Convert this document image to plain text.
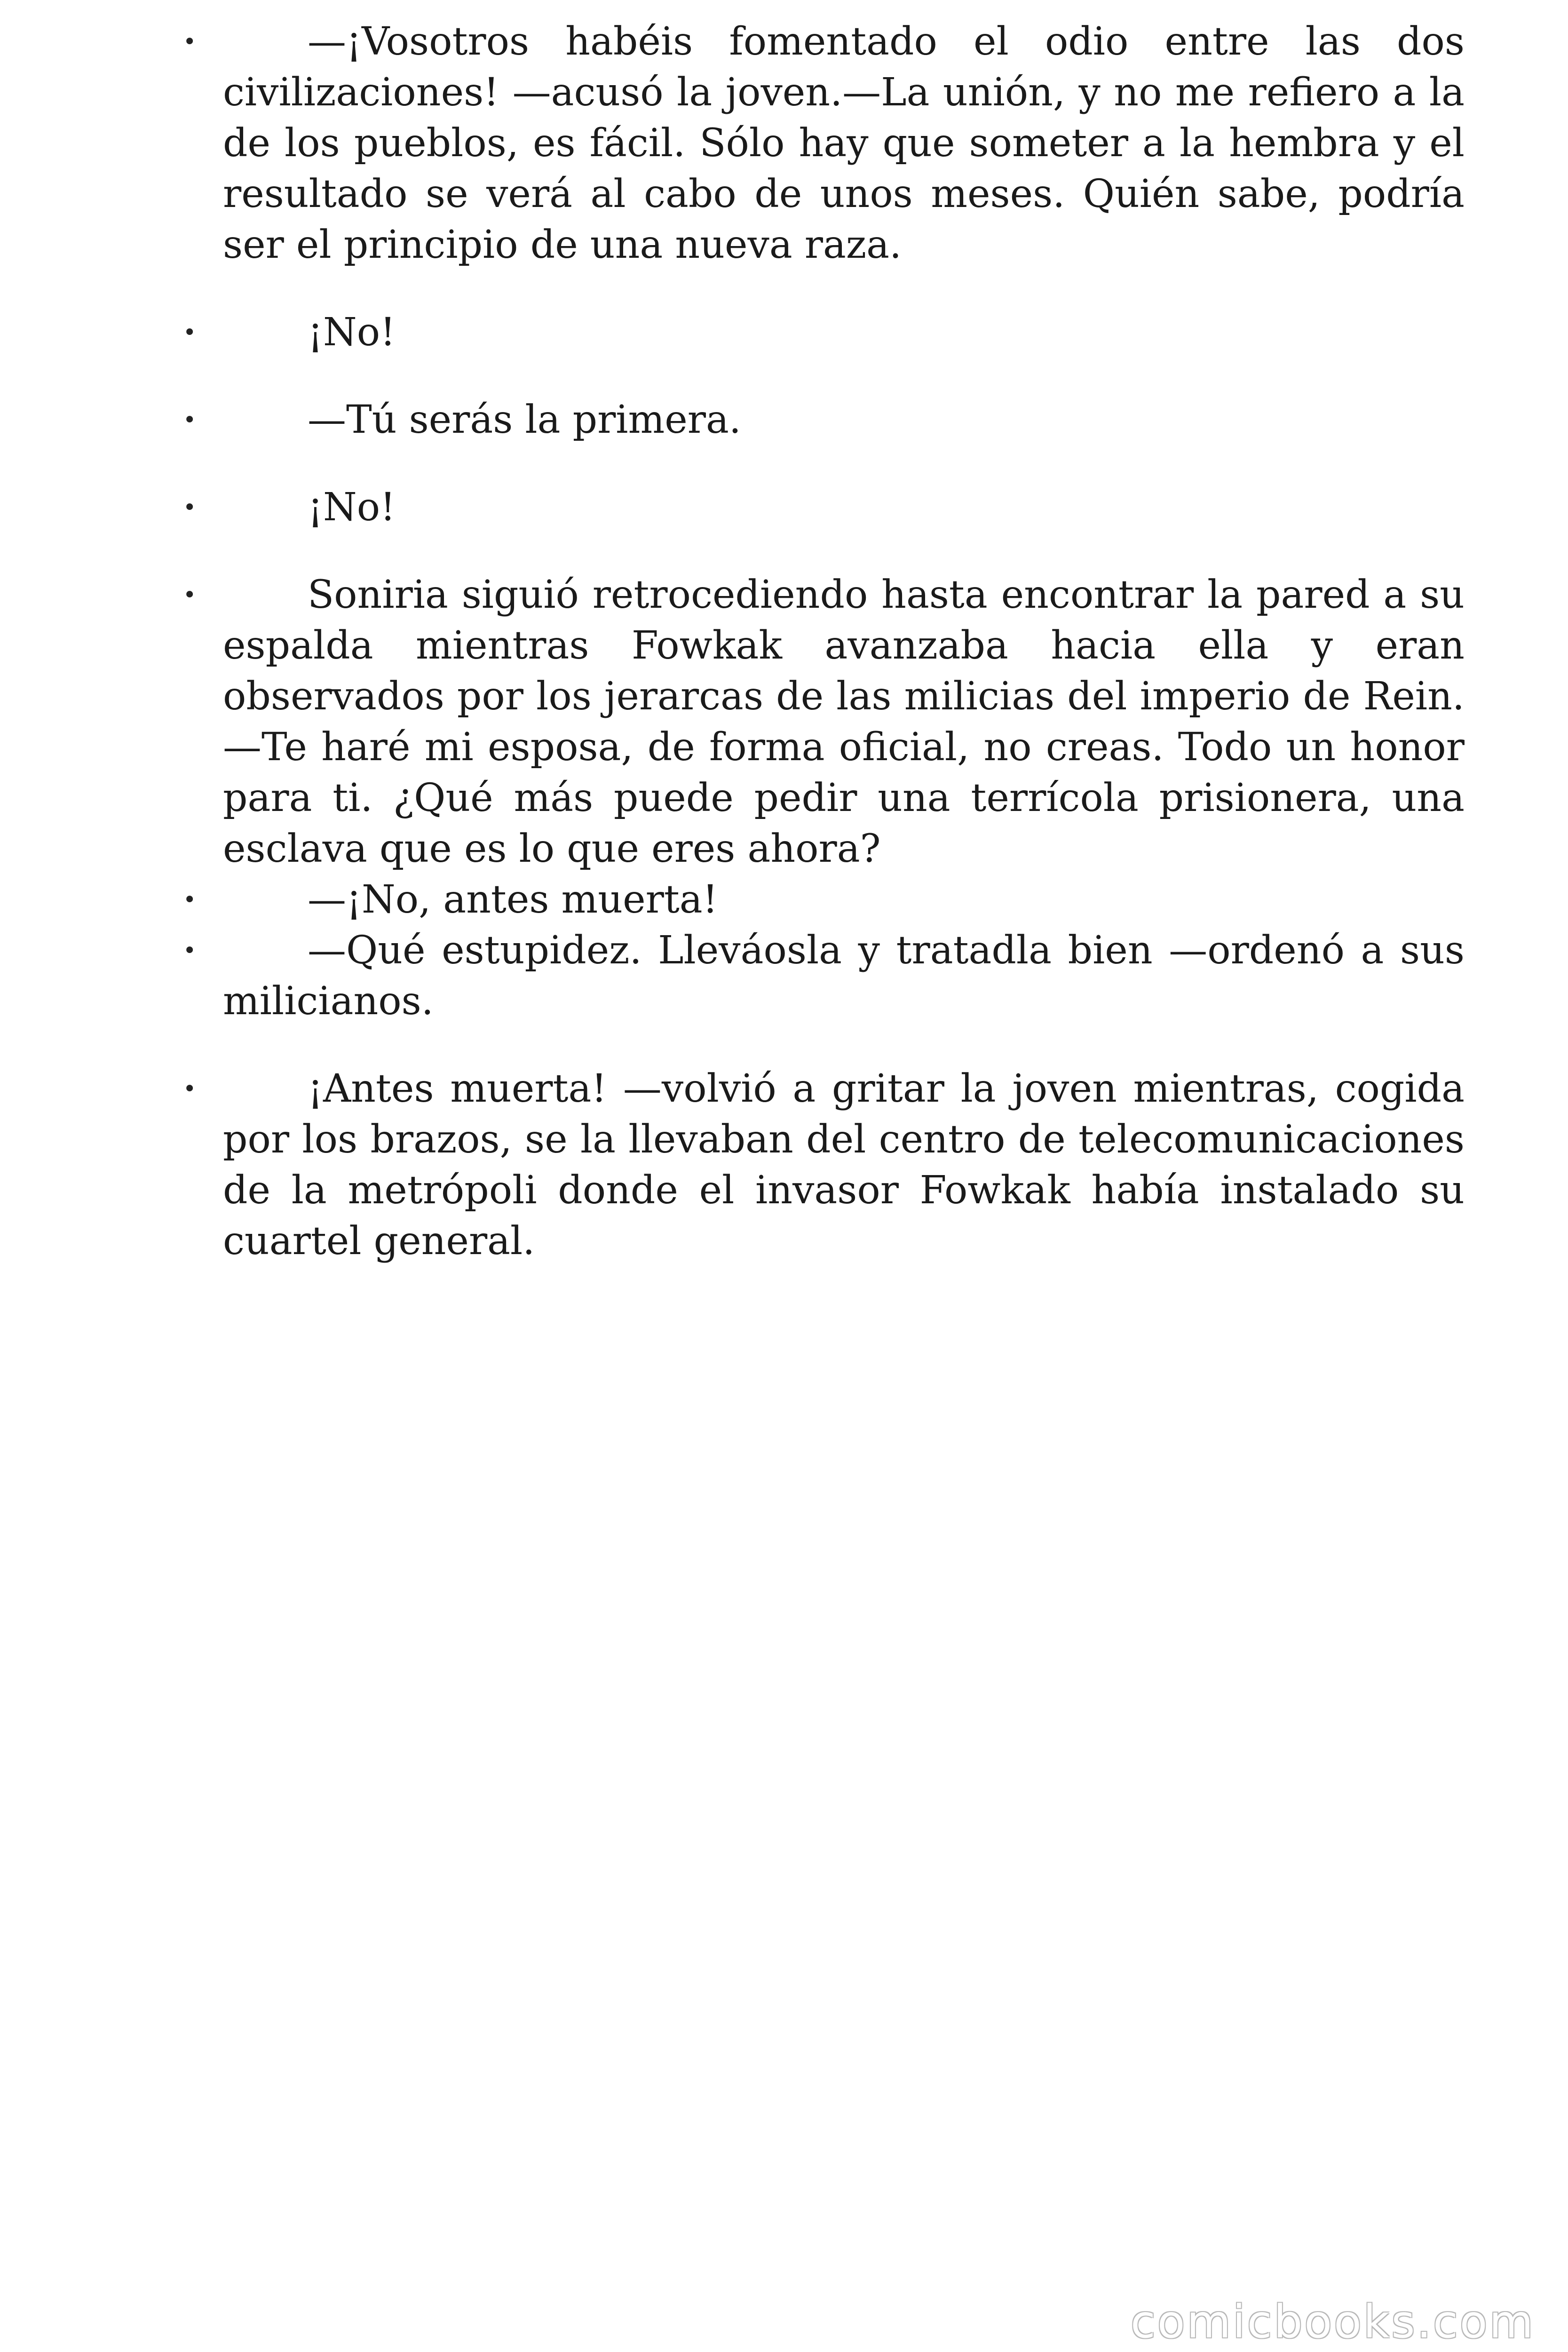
•	—¡Vosotros habéis fomentado el odio entre las dos civilizaciones! —acusó la joven.—La unión, y no me refiero a la de los pueblos, es fácil. Sólo hay que someter a la hembra y el resultado se verá al cabo de unos meses. Quién sabe, podría ser el principio de una nueva raza.
•	¡No!
•	—Tú serás la primera.
•	¡No!
•	Soniria siguió retrocediendo hasta encontrar la pared a su espalda mientras Fowkak avanzaba hacia ella y eran observados por los jerarcas de las milicias del imperio de Rein.—Te haré mi esposa, de forma oficial, no creas. Todo un honor para ti. ¿Qué más puede pedir una terrícola prisionera, una esclava que es lo que eres ahora?
•	—¡No, antes muerta!
•	—Qué estupidez. Lleváosla y tratadla bien —ordenó a sus milicianos.
•	¡Antes muerta! —volvió a gritar la joven mientras, cogida por los brazos, se la llevaban del centro de telecomunicaciones de la metrópoli donde el invasor Fowkak había instalado su cuartel general.
comicbooks.com
